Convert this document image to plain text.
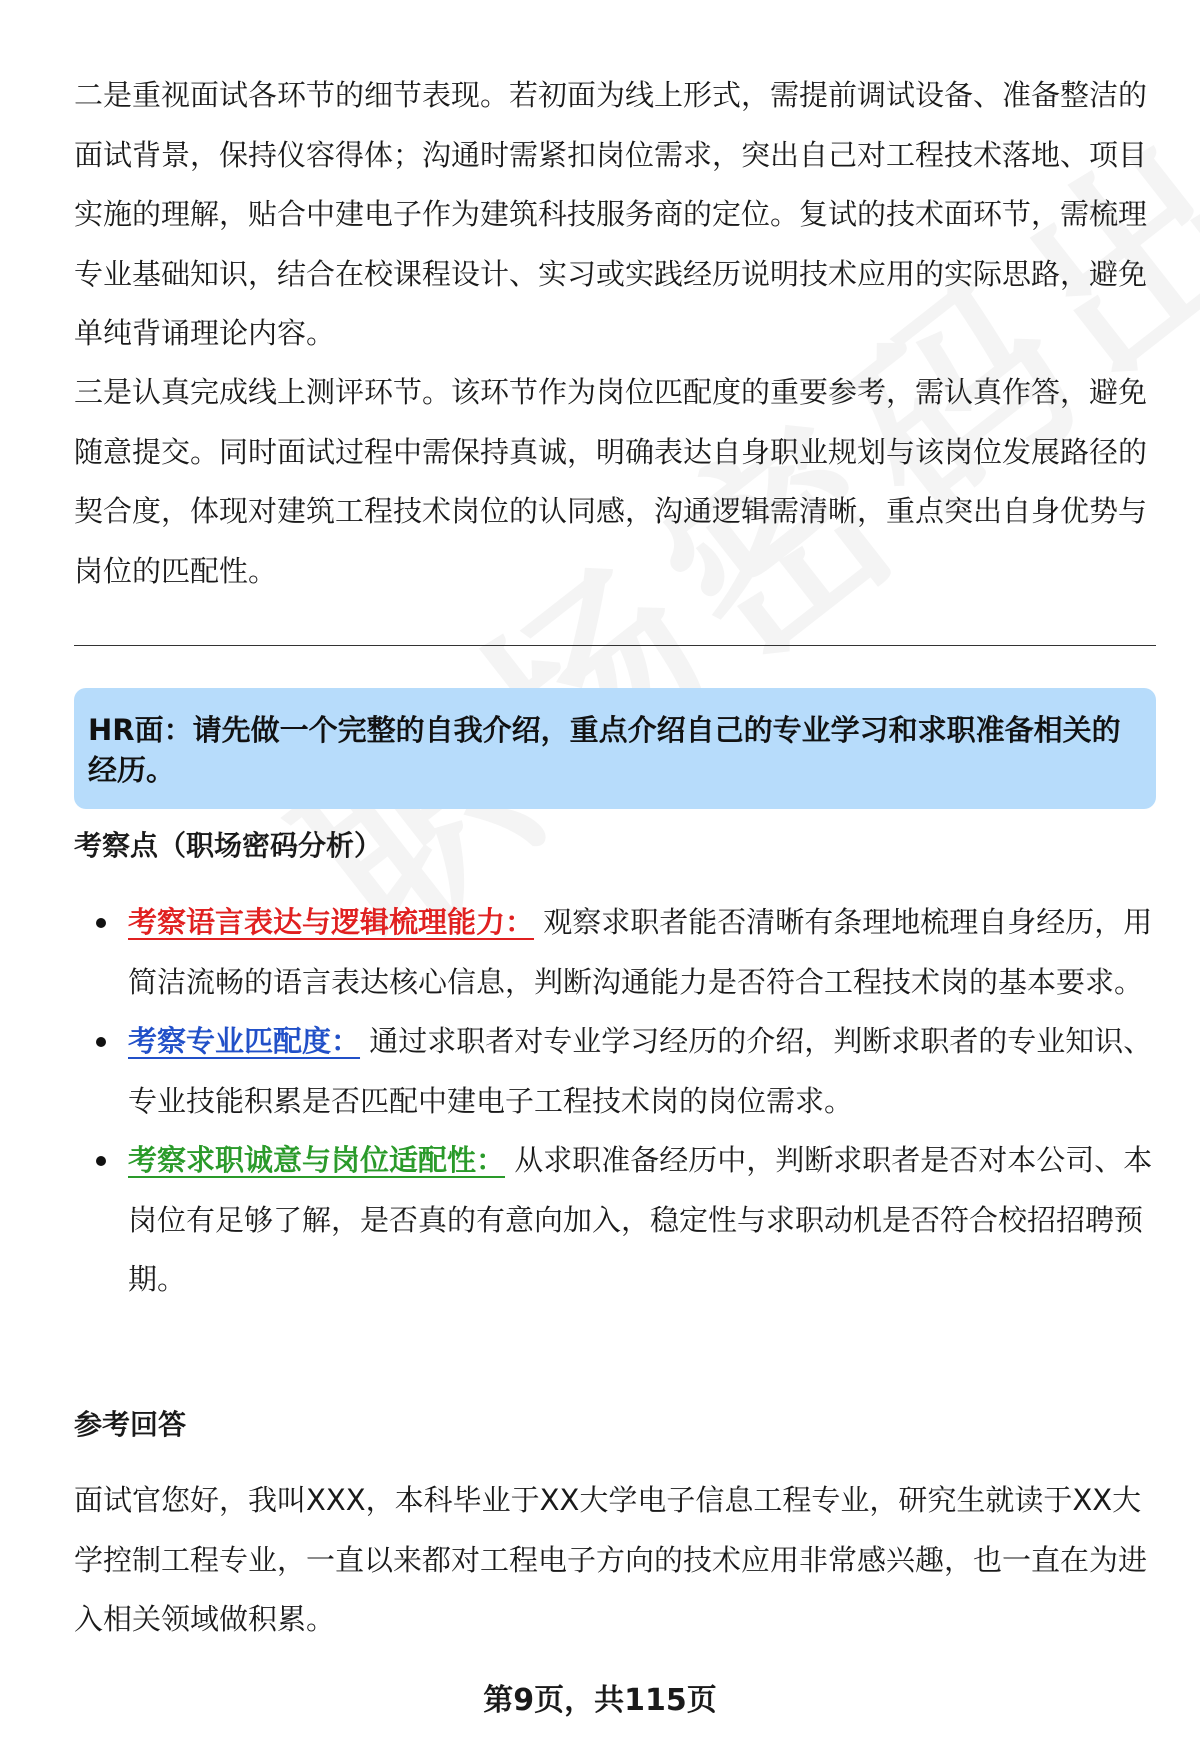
二是重视面试各环节的细节表现。若初面为线上形式，需提前调试设备、准备整洁的面试背景，保持仪容得体；沟通时需紧扣岗位需求，突出自己对工程技术落地、项目实施的理解，贴合中建电子作为建筑科技服务商的定位。复试的技术面环节，需梳理专业基础知识，结合在校课程设计、实习或实践经历说明技术应用的实际思路，避免单纯背诵理论内容。

三是认真完成线上测评环节。该环节作为岗位匹配度的重要参考，需认真作答，避免随意提交。同时面试过程中需保持真诚，明确表达自身职业规划与该岗位发展路径的契合度，体现对建筑工程技术岗位的认同感，沟通逻辑需清晰，重点突出自身优势与岗位的匹配性。

HR面：请先做一个完整的自我介绍，重点介绍自己的专业学习和求职准备相关的经历。

考察点（职场密码分析）

考察语言表达与逻辑梳理能力： 观察求职者能否清晰有条理地梳理自身经历，用简洁流畅的语言表达核心信息，判断沟通能力是否符合工程技术岗的基本要求。
考察专业匹配度： 通过求职者对专业学习经历的介绍，判断求职者的专业知识、专业技能积累是否匹配中建电子工程技术岗的岗位需求。
考察求职诚意与岗位适配性： 从求职准备经历中，判断求职者是否对本公司、本岗位有足够了解，是否真的有意向加入，稳定性与求职动机是否符合校招招聘预期。

参考回答

面试官您好，我叫XXX，本科毕业于XX大学电子信息工程专业，研究生就读于XX大学控制工程专业，一直以来都对工程电子方向的技术应用非常感兴趣，也一直在为进入相关领域做积累。

第9页，共115页
